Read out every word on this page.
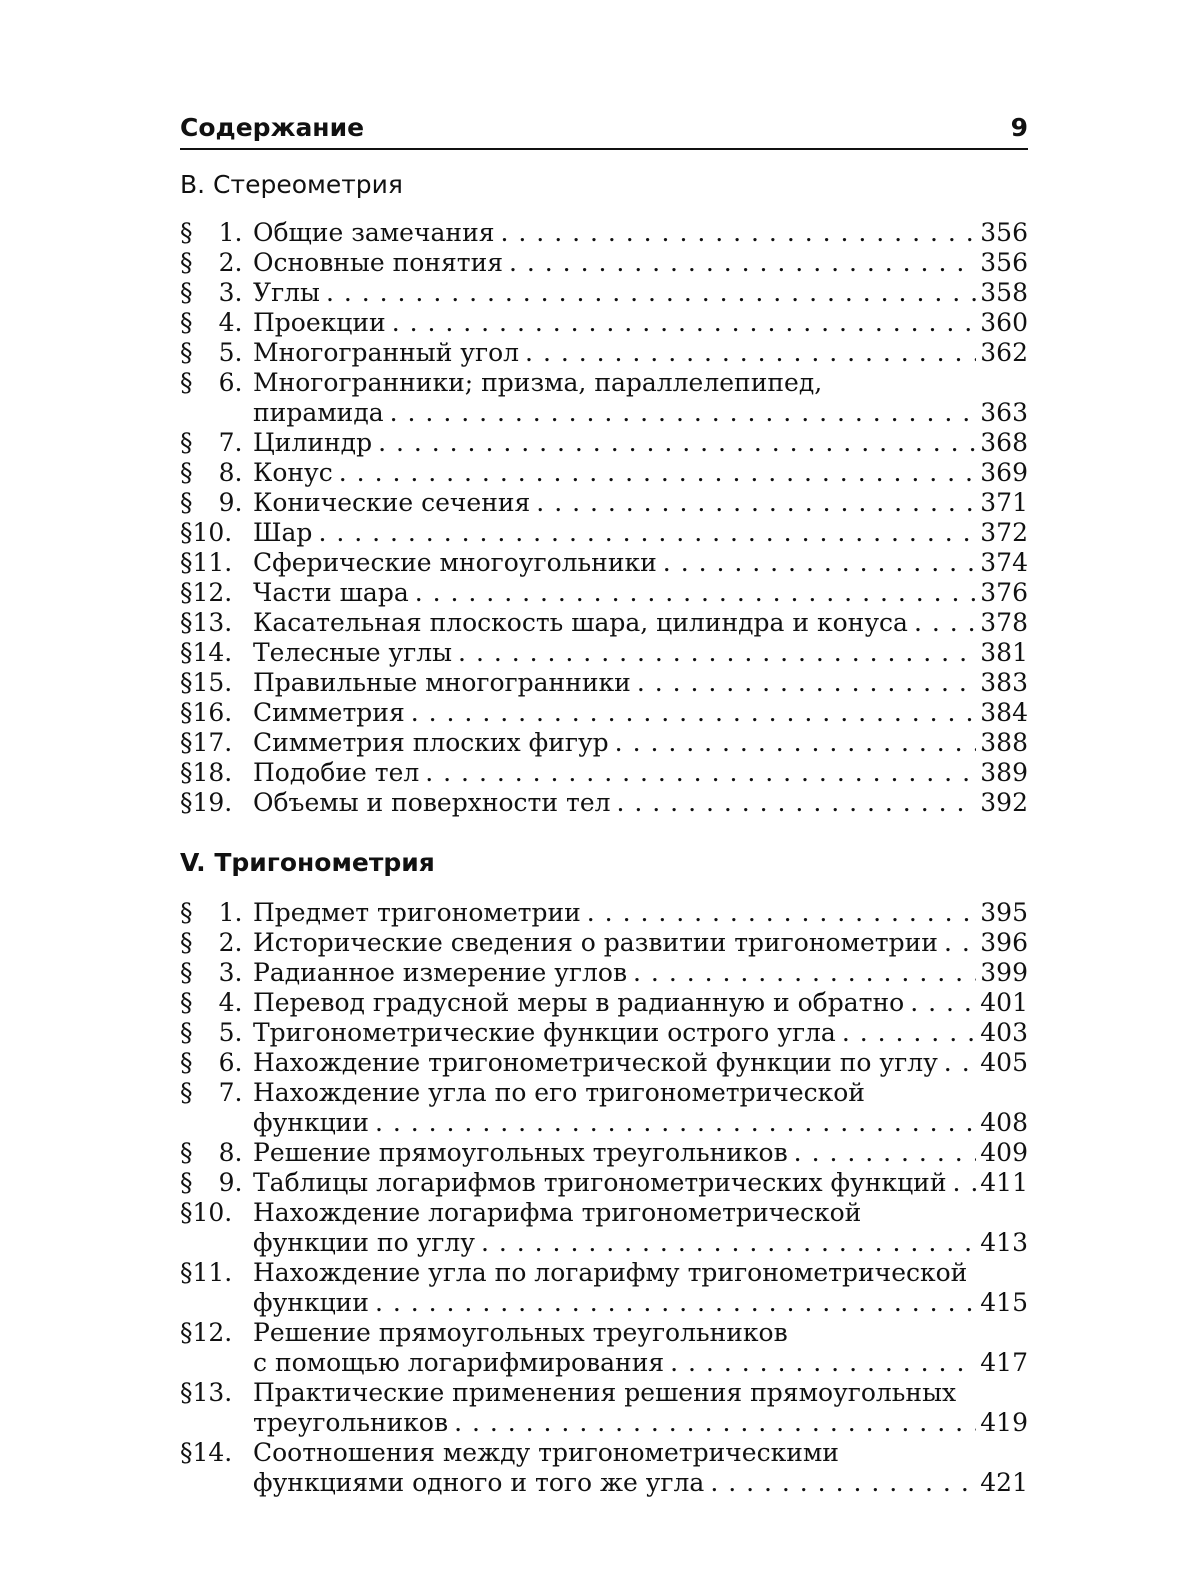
Содержание	9
В. Стереометрия
§ 1. Общие замечания . . .	356
§ 2. Основные понятия . . .	356
§ 3. Углы . . .	358
§ 4. Проекции . . .	360
§ 5. Многогранный угол . . .	362
§ 6. Многогранники; призма, параллелепипед,
пирамида . . .	363
§ 7. Цилиндр . . .	368
§ 8. Конус . . .	369
§ 9. Конические сечения . . .	371
§10. Шар . . .	372
§11. Сферические многоугольники . . .	374
§12. Части шара . . .	376
§13. Касательная плоскость шара, цилиндра и конуса . . .	378
§14. Телесные углы . . .	381
§15. Правильные многогранники . . .	383
§16. Симметрия . . .	384
§17. Симметрия плоских фигур . . .	388
§18. Подобие тел . . .	389
§19. Объемы и поверхности тел . . .	392
V. Тригонометрия
§ 1. Предмет тригонометрии . . .	395
§ 2. Исторические сведения о развитии тригонометрии . . . 396
§ 3. Радианное измерение углов . . .	399
§ 4. Перевод градусной меры в радианную и обратно . . .	401
§ 5. Тригонометрические функции острого угла . . .	403
§ 6. Нахождение тригонометрической функции по углу . . . 405
§ 7. Нахождение угла по его тригонометрической
функции . . .	408
§ 8. Решение прямоугольных треугольников . . .	409
§ 9. Таблицы логарифмов тригонометрических функций . . . 411
§10. Нахождение логарифма тригонометрической
функции по углу . . .	413
§11. Нахождение угла по логарифму тригонометрической
функции . . .	415
§12. Решение прямоугольных треугольников
с помощью логарифмирования . . .	417
§13. Практические применения решения прямоугольных
треугольников . . .	419
§14. Соотношения между тригонометрическими
функциями одного и того же угла . . .	421
